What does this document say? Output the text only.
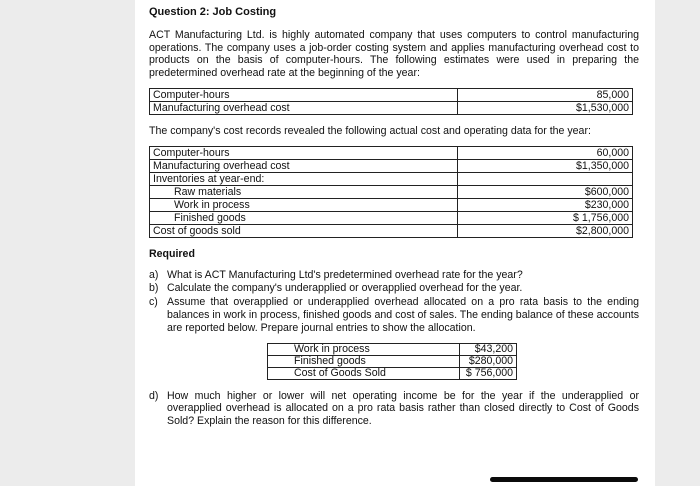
Question 2: Job Costing
ACT Manufacturing Ltd. is highly automated company that uses computers to control manufacturing operations. The company uses a job-order costing system and applies manufacturing overhead cost to products on the basis of computer-hours. The following estimates were used in preparing the predetermined overhead rate at the beginning of the year:
Computer-hours	85,000
Manufacturing overhead cost	$1,530,000
The company's cost records revealed the following actual cost and operating data for the year:
Computer-hours	60,000
Manufacturing overhead cost	$1,350,000
Inventories at year-end:	
Raw materials	$600,000
Work in process	$230,000
Finished goods	$ 1,756,000
Cost of goods sold	$2,800,000
Required
a) What is ACT Manufacturing Ltd's predetermined overhead rate for the year?
b) Calculate the company's underapplied or overapplied overhead for the year.
c) Assume that overapplied or underapplied overhead allocated on a pro rata basis to the ending balances in work in process, finished goods and cost of sales. The ending balance of these accounts are reported below. Prepare journal entries to show the allocation.
Work in process	$43,200
Finished goods	$280,000
Cost of Goods Sold	$ 756,000
d) How much higher or lower will net operating income be for the year if the underapplied or overapplied overhead is allocated on a pro rata basis rather than closed directly to Cost of Goods Sold? Explain the reason for this difference.
